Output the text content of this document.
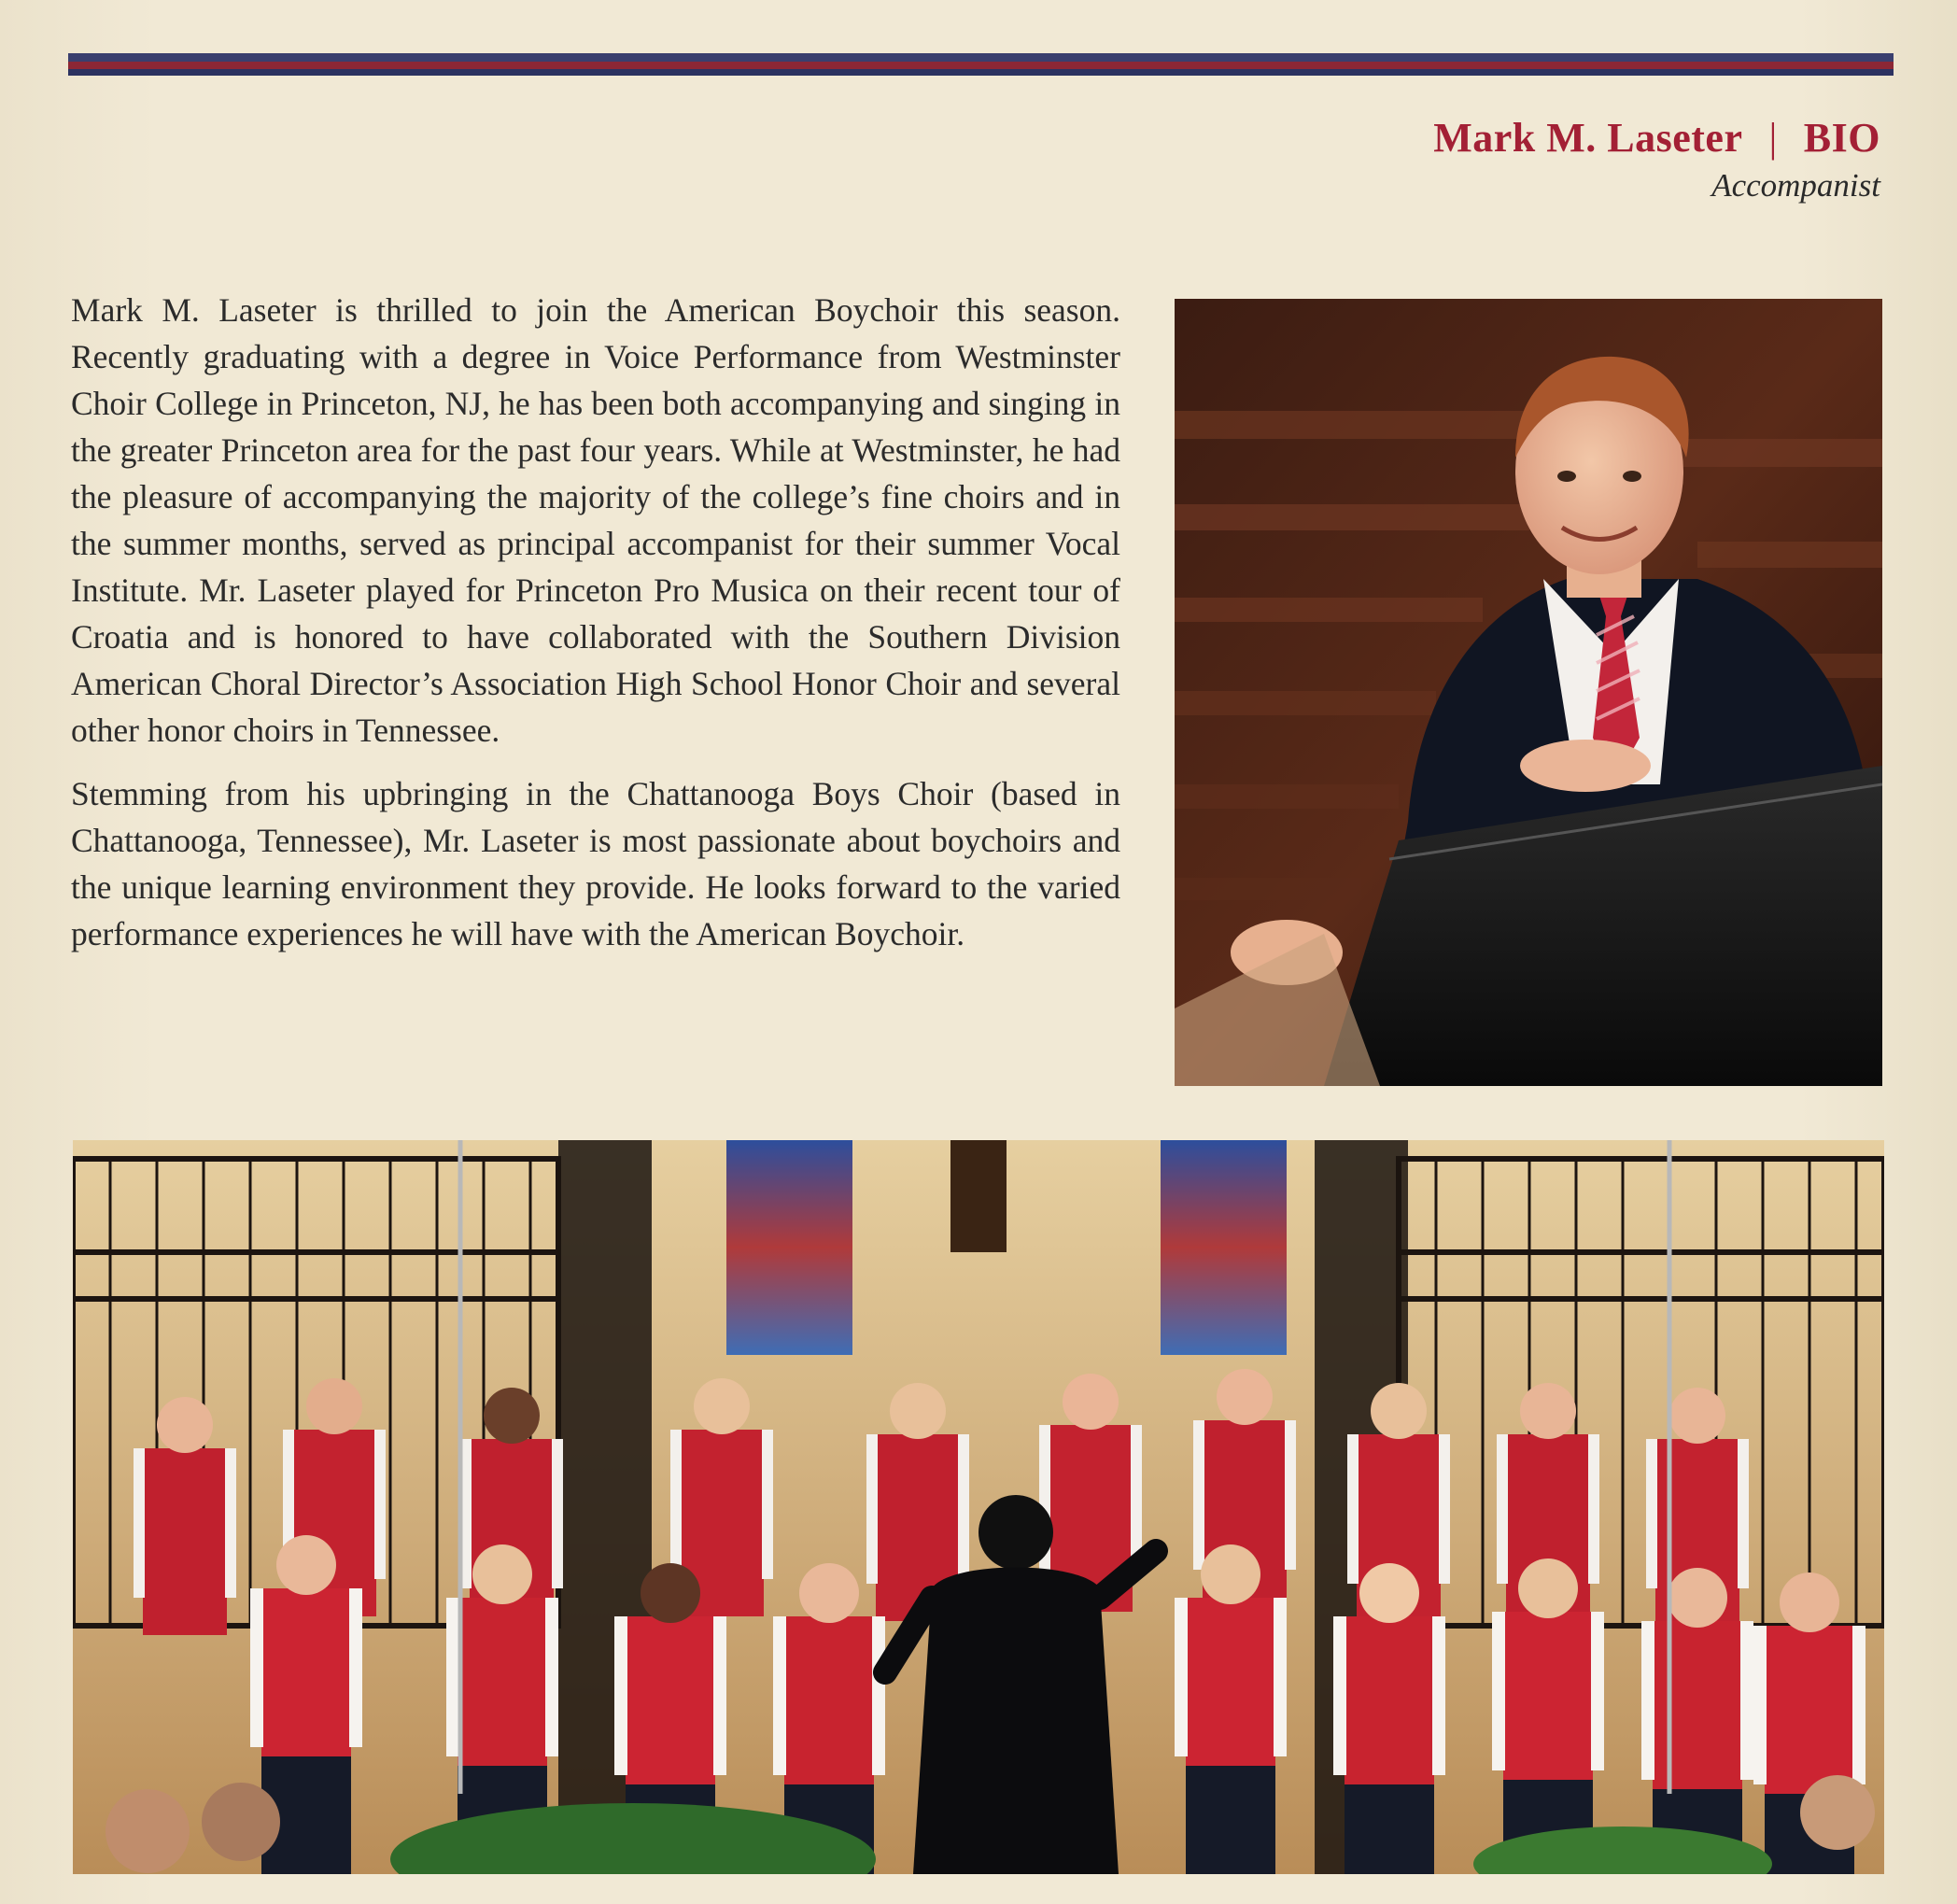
Mark M. Laseter | BIO
Accompanist

Mark M. Laseter is thrilled to join the American Boychoir this season. Recently graduating with a degree in Voice Performance from Westminster Choir College in Princeton, NJ, he has been both accompanying and singing in the greater Princeton area for the past four years. While at Westminster, he had the pleasure of accompanying the majority of the college’s fine choirs and in the summer months, served as principal accompanist for their summer Vocal Institute. Mr. Laseter played for Princeton Pro Musica on their recent tour of Croatia and is honored to have collaborated with the Southern Division American Choral Director’s Association High School Honor Choir and several other honor choirs in Tennessee.

Stemming from his upbringing in the Chattanooga Boys Choir (based in Chattanooga, Tennessee), Mr. Laseter is most passionate about boychoirs and the unique learning environment they provide. He looks forward to the varied performance experiences he will have with the American Boychoir.
